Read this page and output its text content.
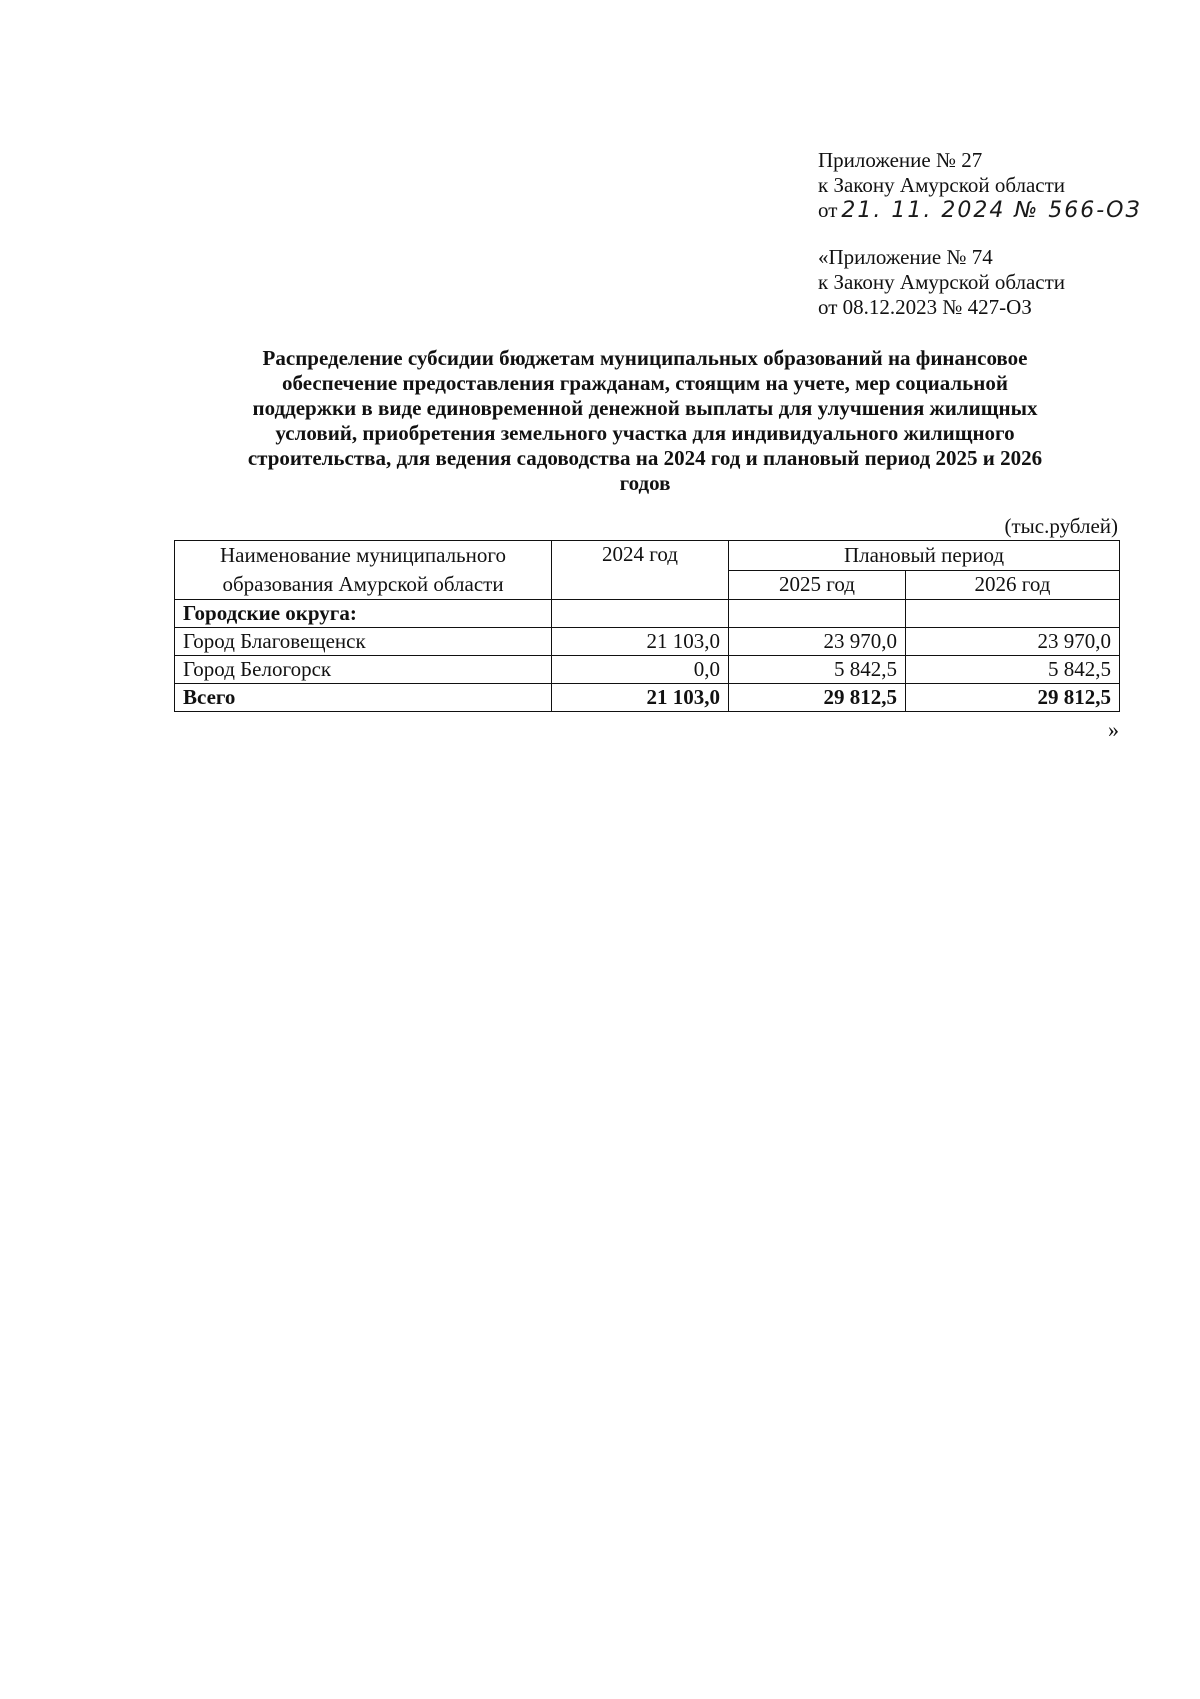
Приложение № 27
к Закону Амурской области
от 21. 11. 2024 № 566-ОЗ
«Приложение № 74
к Закону Амурской области
от 08.12.2023 № 427-ОЗ
Распределение субсидии бюджетам муниципальных образований на финансовое
обеспечение предоставления гражданам, стоящим на учете, мер социальной
поддержки в виде единовременной денежной выплаты для улучшения жилищных
условий, приобретения земельного участка для индивидуального жилищного
строительства, для ведения садоводства на 2024 год и плановый период 2025 и 2026
годов
(тыс.рублей)
Наименование муниципального
образования Амурской области	2024 год	Плановый период	
		2025 год	2026 год
Городские округа:			
Город Благовещенск	21 103,0	23 970,0	23 970,0
Город Белогорск	0,0	5 842,5	5 842,5
Всего	21 103,0	29 812,5	29 812,5
»
